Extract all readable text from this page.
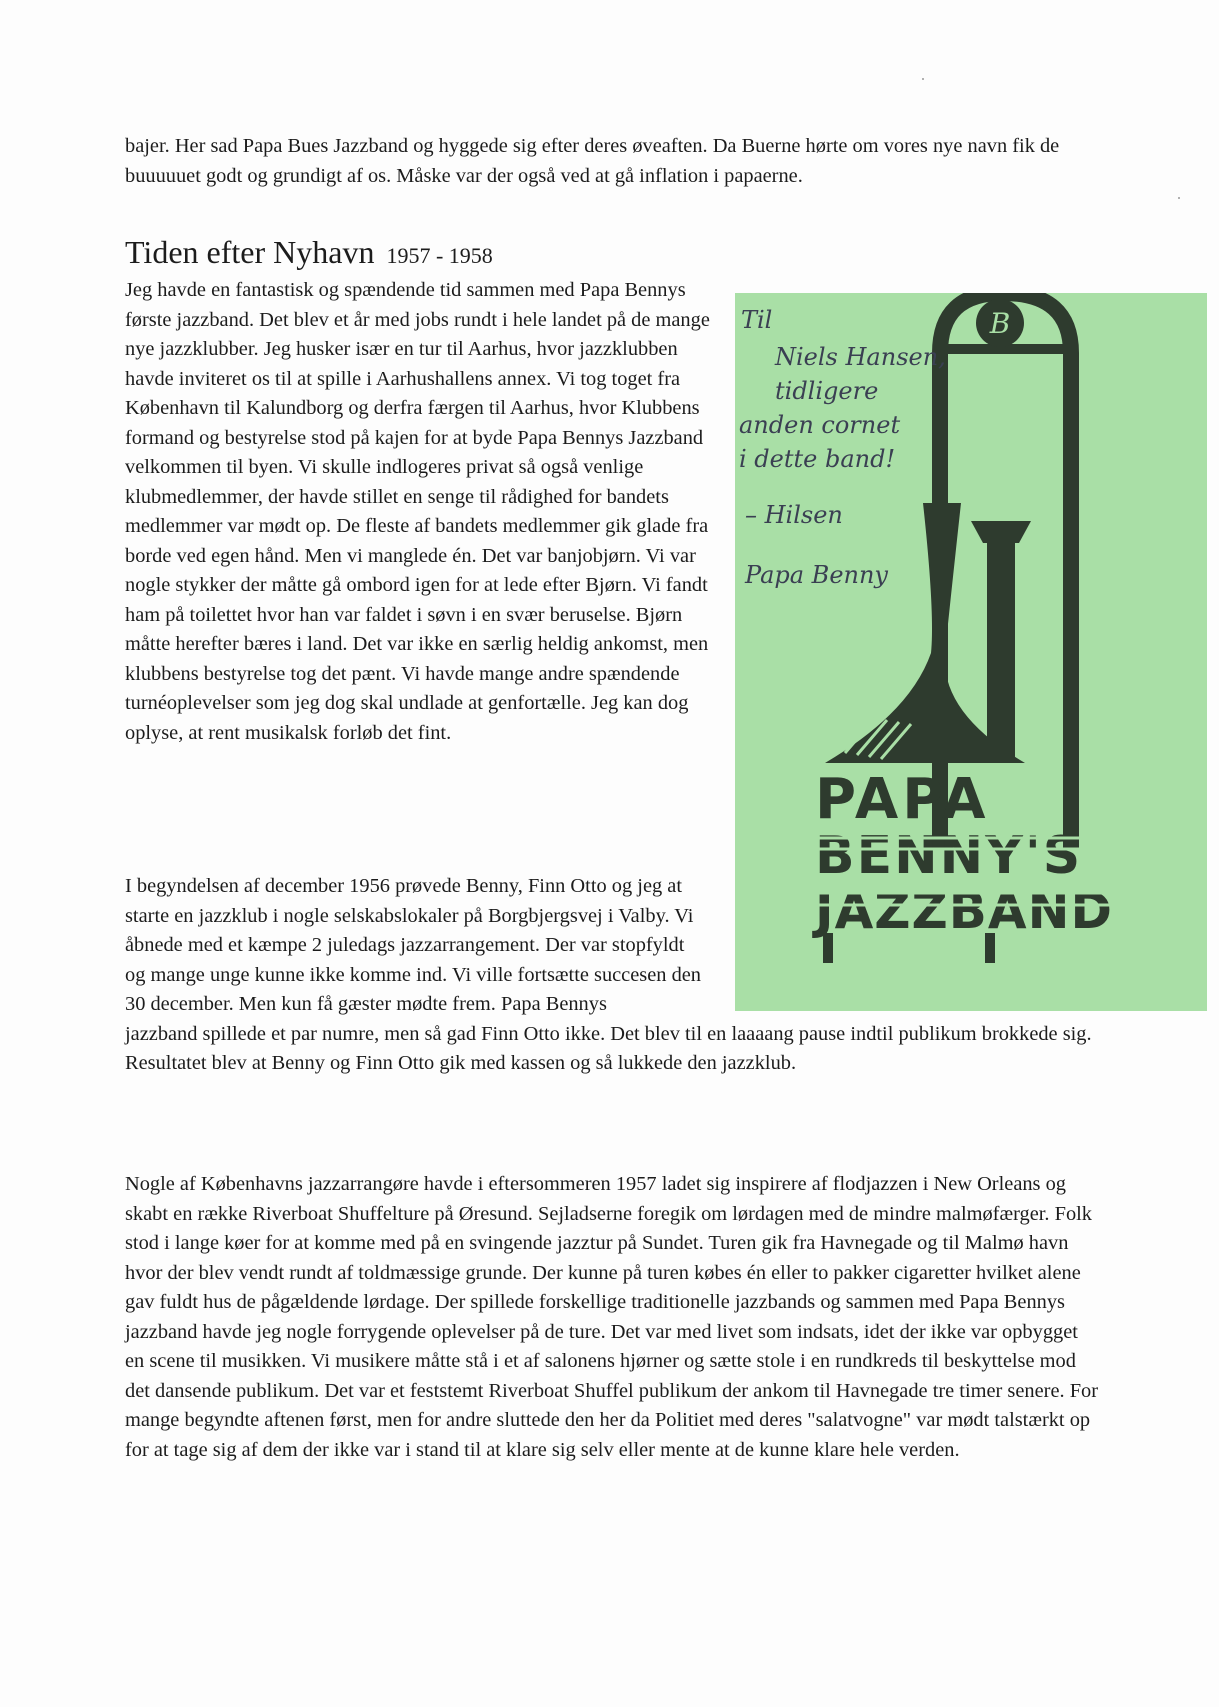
bajer. Her sad Papa Bues Jazzband og hyggede sig efter deres øveaften. Da Buerne hørte om vores nye navn fik de buuuuuet godt og grundigt af os. Måske var der også ved at gå inflation i papaerne.

Tiden efter Nyhavn 1957 - 1958

Jeg havde en fantastisk og spændende tid sammen med Papa Bennys første jazzband. Det blev et år med jobs rundt i hele landet på de mange nye jazzklubber. Jeg husker især en tur til Aarhus, hvor jazzklubben havde inviteret os til at spille i Aarhushallens annex. Vi tog toget fra København til Kalundborg og derfra færgen til Aarhus, hvor Klubbens formand og bestyrelse stod på kajen for at byde Papa Bennys Jazzband velkommen til byen. Vi skulle indlogeres privat så også venlige klubmedlemmer, der havde stillet en senge til rådighed for bandets medlemmer var mødt op. De fleste af bandets medlemmer gik glade fra borde ved egen hånd. Men vi manglede én. Det var banjobjørn. Vi var nogle stykker der måtte gå ombord igen for at lede efter Bjørn. Vi fandt ham på toilettet hvor han var faldet i søvn i en svær beruselse. Bjørn måtte herefter bæres i land. Det var ikke en særlig heldig ankomst, men klubbens bestyrelse tog det pænt. Vi havde mange andre spændende turnéoplevelser som jeg dog skal undlade at genfortælle. Jeg kan dog oplyse, at rent musikalsk forløb det fint.

I begyndelsen af december 1956 prøvede Benny, Finn Otto og jeg at starte en jazzklub i nogle selskabslokaler på Borgbjergsvej i Valby. Vi åbnede med et kæmpe 2 juledags jazzarrangement. Der var stopfyldt og mange unge kunne ikke komme ind. Vi ville fortsætte succesen den 30 december. Men kun få gæster mødte frem. Papa Bennys
jazzband spillede et par numre, men så gad Finn Otto ikke. Det blev til en laaaang pause indtil publikum brokkede sig. Resultatet blev at Benny og Finn Otto gik med kassen og så lukkede den jazzklub.

Nogle af Københavns jazzarrangøre havde i eftersommeren 1957 ladet sig inspirere af flodjazzen i New Orleans og skabt en række Riverboat Shuffelture på Øresund. Sejladserne foregik om lørdagen med de mindre malmøfærger. Folk stod i lange køer for at komme med på en svingende jazztur på Sundet. Turen gik fra Havnegade og til Malmø havn hvor der blev vendt rundt af toldmæssige grunde. Der kunne på turen købes én eller to pakker cigaretter hvilket alene gav fuldt hus de pågældende lørdage. Der spillede forskellige traditionelle jazzbands og sammen med Papa Bennys jazzband havde jeg nogle forrygende oplevelser på de ture. Det var med livet som indsats, idet der ikke var opbygget en scene til musikken. Vi musikere måtte stå i et af salonens hjørner og sætte stole i en rundkreds til beskyttelse mod det dansende publikum. Det var et feststemt Riverboat Shuffel publikum der ankom til Havnegade tre timer senere. For mange begyndte aftenen først, men for andre sluttede den her da Politiet med deres "salatvogne" var mødt talstærkt op for at tage sig af dem der ikke var i stand til at klare sig selv eller mente at de kunne klare hele verden.

B
PAPA
BENNY'S
JAZZBAND
Til
Niels Hansen,
tidligere
anden cornet
i dette band!
– Hilsen
Papa Benny
